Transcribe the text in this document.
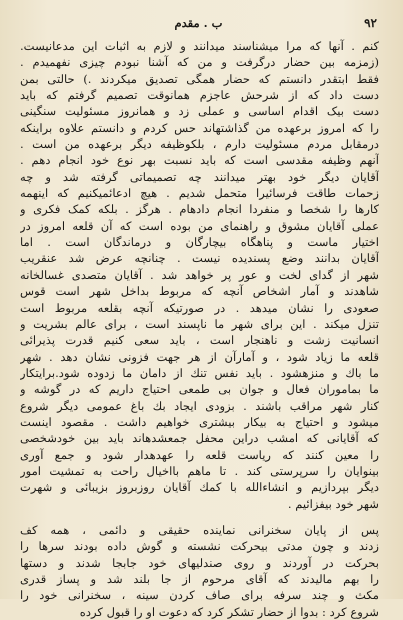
٩٢
ب . مقدم
کنم . آنها که مرا میشناسند میدانند و لازم به اثبات این مدعانیست.
(زمزمه بین حضار درگرفت و من که آشنا نبودم چیزی نفهمیدم .
فقط ابتقدر دانستم که حضار همگی تصدیق میکردند .) حالتی بمن
دست داد که از شرحش عاجزم همانوقت تصمیم گرفتم که باید
دست بیک اقدام اساسی و عملی زد و همانروز مسئولیت سنگینی
را که امروز برعهده من گذاشتهاند حس کردم و دانستم علاوه براینکه
درمقابل مردم مسئولیت دارم ، بلکوظیفه دیگر برعهده من است .
آنهم وظیفه مقدسی است که باید نسبت بهر نوع خود انجام دهم .
آقایان دیگر خود بهتر میدانند چه تصمیماتی گرفته شد و چه
زحمات طاقت فرسائیرا متحمل شدیم . هیچ ادعائمیکنیم که اینهمه
کارها را شخصا و منفردا انجام دادهام . هرگز . بلکه کمک فکری و
عملی آقایان مشوق و راهنمای من بوده است که آن قلعه امروز در
اختیار ماست و پناهگاه بیچارگان و درماندگان است . اما
آقایان بدانند وضع پسندیده نیست . چنانچه عرض شد عنقریب
شهر از گدای لخت و عور پر خواهد شد . آقایان متصدی غسالخانه
شاهدند و آمار اشخاص آنچه که مربوط بداخل شهر است قوس
صعودی را نشان میدهد . در صورتیکه آنچه بقلعه مربوط است
تنزل میکند . این برای شهر ما ناپسند است ، برای عالم بشریت و
انسانیت زشت و ناهنجار است ، باید سعی کنیم قدرت پذیرائی
قلعه ما زیاد شود ، و آمارآن از هر جهت فزونی نشان دهد . شهر
ما باك و منزهشود . باید نفس تنك از دامان ما زدوده شود.برایتکار
ما بماموران فعال و جوان بی طمعی احتیاج داریم که در گوشه و
کنار شهر مراقب باشند . بزودی ایجاد بك باغ عمومی دیگر شروع
میشود و احتیاج به بیکار بیشتری خواهیم داشت . مقصود اینست
که آقایانی که امشب دراین محفل جمعشدهاند باید بین خودشخصی
را معین کنند که ریاست قلعه را عهدهدار شود و جمع آوری
بینوایان را سرپرستی کند . تا ماهم بااخیال راحت به تمشیت امور
دیگر بپردازیم و انشاءالله با کمك آقایان روزبروز بزیبائی و شهرت
شهر خود بیفزائیم .
پس از پایان سخنرانی نماینده حقیقی و دائمی ، همه کف
زدند و چون مدتی بیحرکت نشسته و گوش داده بودند سرها را
بحرکت در آوردند و روی صندلیهای خود جابجا شدند و دستها
را بهم مالیدند که آقای مرحوم از جا بلند شد و پساز قدری
مکث و چند سرفه برای صاف کردن سینه ، سخنرانی خود را
شروع کرد : بدوا از حضار تشکر کرد که دعوت او را قبول کرده
